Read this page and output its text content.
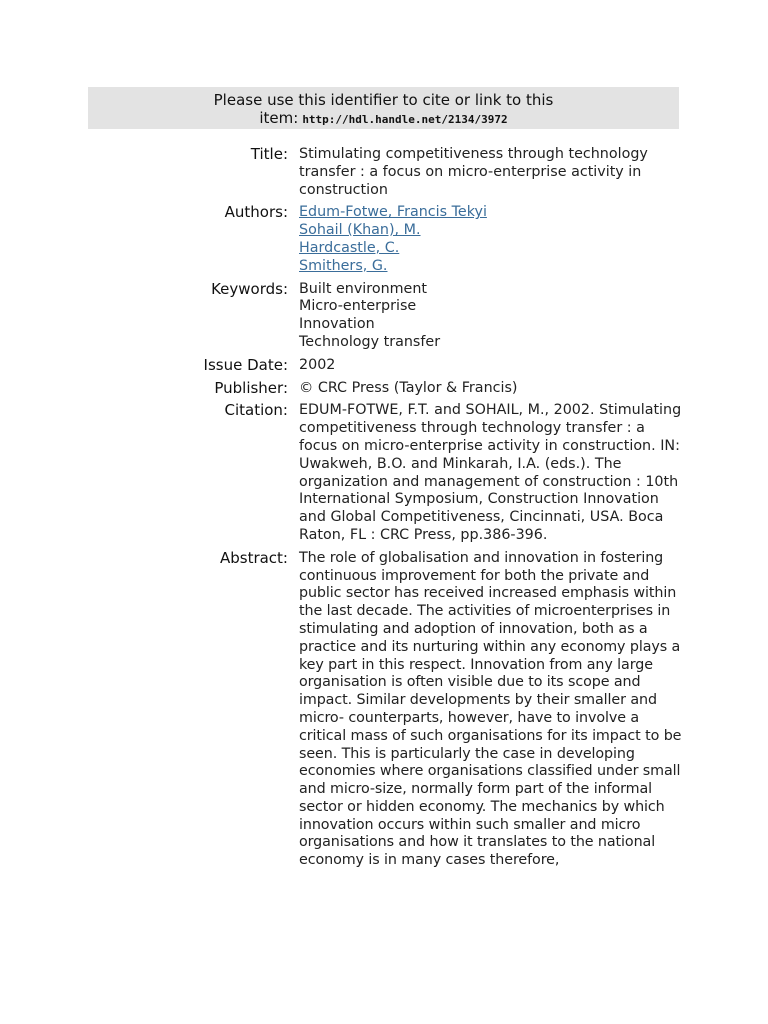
Please use this identifier to cite or link to this
item: http://hdl.handle.net/2134/3972
Title: Stimulating competitiveness through technology transfer : a focus on micro-enterprise activity in construction
Authors: Edum-Fotwe, Francis Tekyi
Sohail (Khan), M.
Hardcastle, C.
Smithers, G.
Keywords: Built environment
Micro-enterprise
Innovation
Technology transfer
Issue Date: 2002
Publisher: © CRC Press (Taylor & Francis)
Citation: EDUM-FOTWE, F.T. and SOHAIL, M., 2002. Stimulating competitiveness through technology transfer : a focus on micro-enterprise activity in construction. IN: Uwakweh, B.O. and Minkarah, I.A. (eds.). The organization and management of construction : 10th International Symposium, Construction Innovation and Global Competitiveness, Cincinnati, USA. Boca Raton, FL : CRC Press, pp.386-396.
Abstract: The role of globalisation and innovation in fostering continuous improvement for both the private and public sector has received increased emphasis within the last decade. The activities of microenterprises in stimulating and adoption of innovation, both as a practice and its nurturing within any economy plays a key part in this respect. Innovation from any large organisation is often visible due to its scope and impact. Similar developments by their smaller and micro- counterparts, however, have to involve a critical mass of such organisations for its impact to be seen. This is particularly the case in developing economies where organisations classified under small and micro-size, normally form part of the informal sector or hidden economy. The mechanics by which innovation occurs within such smaller and micro organisations and how it translates to the national economy is in many cases therefore,
